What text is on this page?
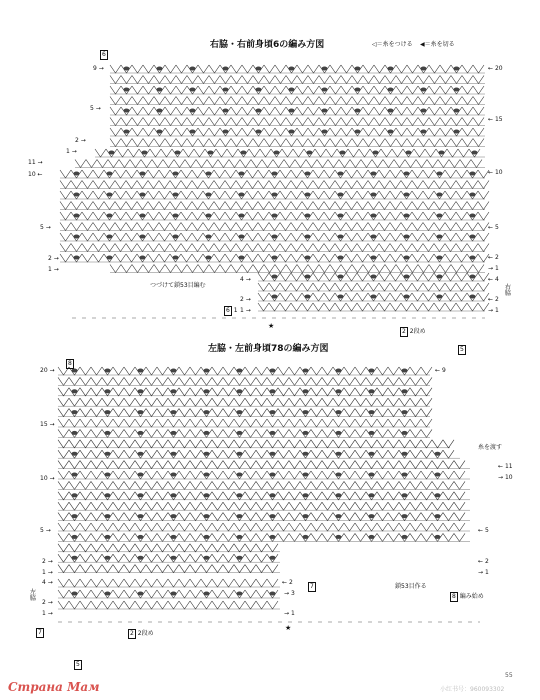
6
右脇・右前身頃6の編み方図	◁＝糸をつける ◀＝糸を切る
← 20
← 15
← 10
← 5
← 2
→ 1
← 4
← 2
→ 1
9 →
5 →
2 →
1 →
11 →
10 ←
5 →
2 →
1 →
4 →
2 →
1 →
つづけて鎖53目編む	右脇
6 1
★
2 2段め
5
8
左脇・左前身頃78の編み方図
20 →
15 →
10 →
5 →
2 →
1 →
4 →
2 →
1 →
← 9
← 11
→ 10
← 5
← 2
→ 1
← 2
→ 3
→ 1
糸を渡す
鎖53目作る
8 編み始め
7
左脇
7
★
2 2段め
5
Страна Мам	小红书号：960093302
55
